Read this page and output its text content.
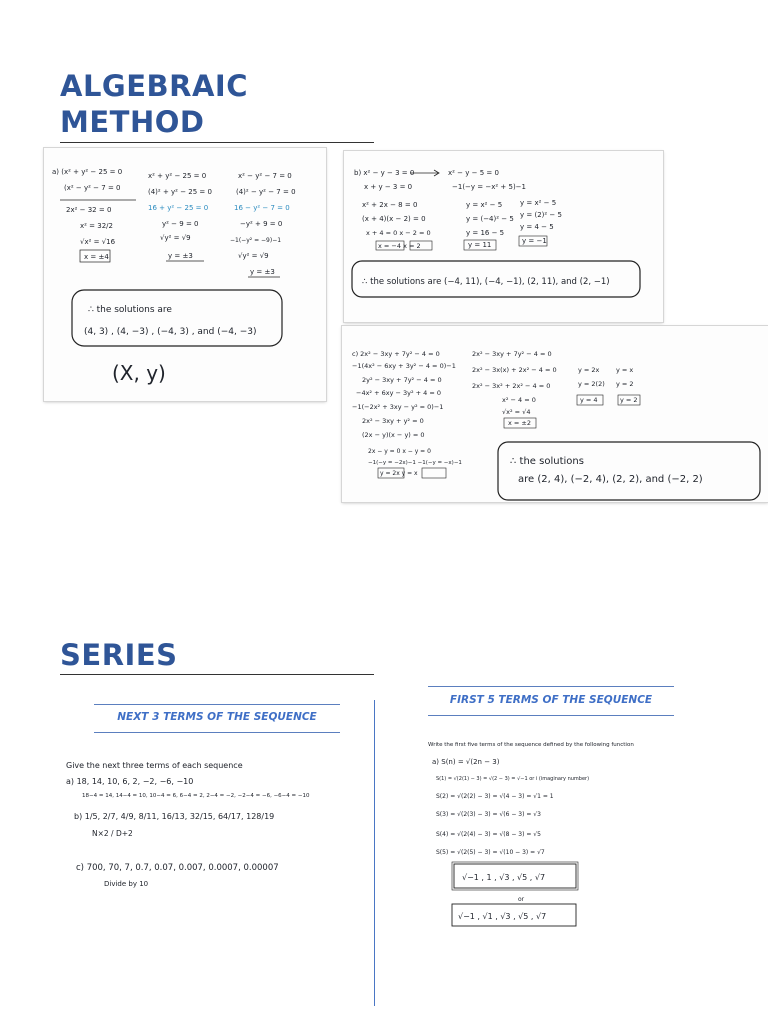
ALGEBRAIC
METHOD
a) (x² + y² − 25 = 0
(x² − y² − 7 = 0
2x² − 32 = 0
x² = 32/2
√x² = √16
x = ±4
x² + y² − 25 = 0
(4)² + y² − 25 = 0
16 + y² − 25 = 0
y² − 9 = 0
√y² = √9
y = ±3
x² − y² − 7 = 0
(4)² − y² − 7 = 0
16 − y² − 7 = 0
−y² + 9 = 0
−1(−y² = −9)−1
√y² = √9
y = ±3
∴ the solutions are
(4, 3) , (4, −3) , (−4, 3) , and (−4, −3)
(X, y)
b) x² − y − 3 = 0
x + y − 3 = 0
x² − y − 5 = 0
−1(−y = −x² + 5)−1
x² + 2x − 8 = 0
(x + 4)(x − 2) = 0
x + 4 = 0 x − 2 = 0
x = −4 x = 2
y = x² − 5
y = (−4)² − 5
y = 16 − 5
y = 11
y = x² − 5
y = (2)² − 5
y = 4 − 5
y = −1
∴ the solutions are (−4, 11), (−4, −1), (2, 11), and (2, −1)
c) 2x² − 3xy + 7y² − 4 = 0
−1(4x² − 6xy + 3y² − 4 = 0)−1
2y² − 3xy + 7y² − 4 = 0
−4x² + 6xy − 3y² + 4 = 0
−1(−2x² + 3xy − y² = 0)−1
2x² − 3xy + y² = 0
(2x − y)(x − y) = 0
2x − y = 0 x − y = 0
−1(−y = −2x)−1 −1(−y = −x)−1
y = 2x y = x
2x² − 3xy + 7y² − 4 = 0
2x² − 3x(x) + 2x² − 4 = 0
2x² − 3x² + 2x² − 4 = 0
x² − 4 = 0
√x² = √4
x = ±2
y = 2x
y = 2(2)
y = 4
y = x
y = 2
y = 2
∴ the solutions
are (2, 4), (−2, 4), (2, 2), and (−2, 2)
SERIES
NEXT 3 TERMS OF THE SEQUENCE
FIRST 5 TERMS OF THE SEQUENCE
Give the next three terms of each sequence
a) 18, 14, 10, 6, 2, −2, −6, −10
18−4 = 14, 14−4 = 10, 10−4 = 6, 6−4 = 2, 2−4 = −2, −2−4 = −6, −6−4 = −10
b) 1/5, 2/7, 4/9, 8/11, 16/13, 32/15, 64/17, 128/19
N×2 / D+2
c) 700, 70, 7, 0.7, 0.07, 0.007, 0.0007, 0.00007
Divide by 10
Write the first five terms of the sequence defined by the following function
a) S(n) = √(2n − 3)
S(1) = √(2(1) − 3) = √(2 − 3) = √−1 or i (imaginary number)
S(2) = √(2(2) − 3) = √(4 − 3) = √1 = 1
S(3) = √(2(3) − 3) = √(6 − 3) = √3
S(4) = √(2(4) − 3) = √(8 − 3) = √5
S(5) = √(2(5) − 3) = √(10 − 3) = √7
√−1 , 1 , √3 , √5 , √7
or
√−1 , √1 , √3 , √5 , √7
